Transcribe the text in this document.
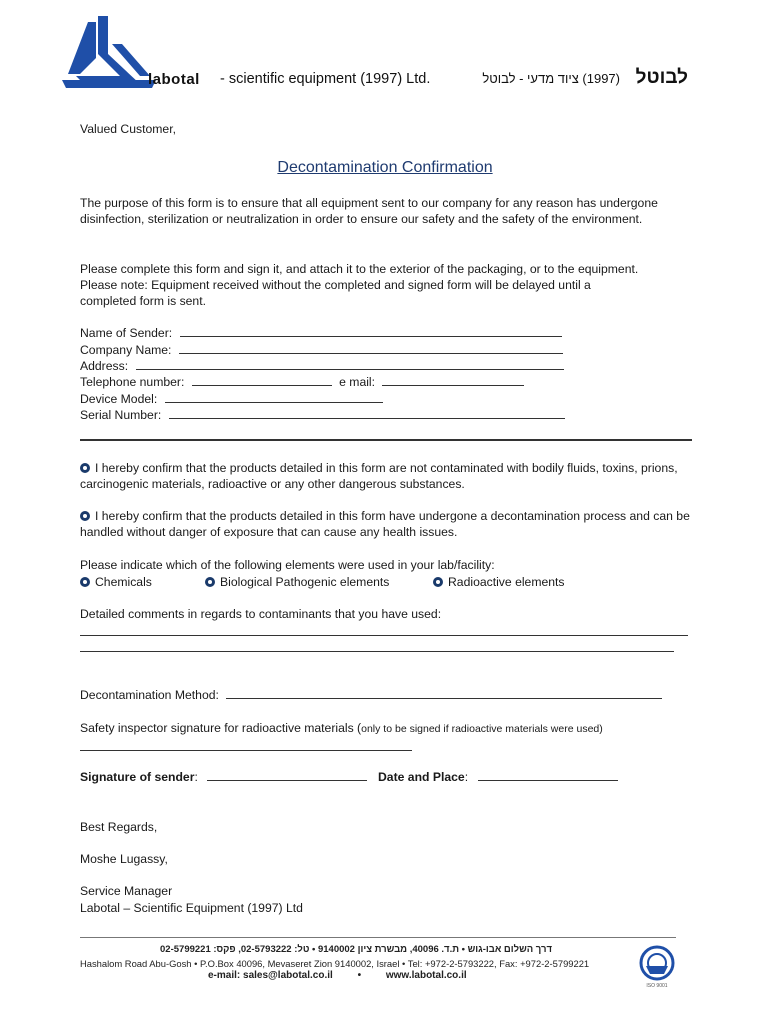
labotal - scientific equipment (1997) Ltd.	(1997) ציוד מדעי - לבוטל לבוטל
Valued Customer,
Decontamination Confirmation
The purpose of this form is to ensure that all equipment sent to our company for any reason has undergone disinfection, sterilization or neutralization in order to ensure our safety and the safety of the environment.
Please complete this form and sign it, and attach it to the exterior of the packaging, or to the equipment.
Please note: Equipment received without the completed and signed form will be delayed until a completed form is sent.
Name of Sender:
Company Name:
Address:
Telephone number:	e mail:
Device Model:
Serial Number:
I hereby confirm that the products detailed in this form are not contaminated with bodily fluids, toxins, prions, carcinogenic materials, radioactive or any other dangerous substances.
I hereby confirm that the products detailed in this form have undergone a decontamination process and can be handled without danger of exposure that can cause any health issues.
Please indicate which of the following elements were used in your lab/facility:
Chemicals	Biological Pathogenic elements	Radioactive elements
Detailed comments in regards to contaminants that you have used:
Decontamination Method:
Safety inspector signature for radioactive materials (only to be signed if radioactive materials were used)
Signature of sender:	Date and Place:
Best Regards,
Moshe Lugassy,
Service Manager
Labotal – Scientific Equipment (1997) Ltd
דרך השלום אבו-גוש • ת.ד. 40096, מבשרת ציון 9140002 • טל: 02-5793222, פקס: 02-5799221
Hashalom Road Abu-Gosh • P.O.Box 40096, Mevaseret Zion 9140002, Israel • Tel: +972-2-5793222, Fax: +972-2-5799221
e-mail: sales@labotal.co.il • www.labotal.co.il
ISO 9001
